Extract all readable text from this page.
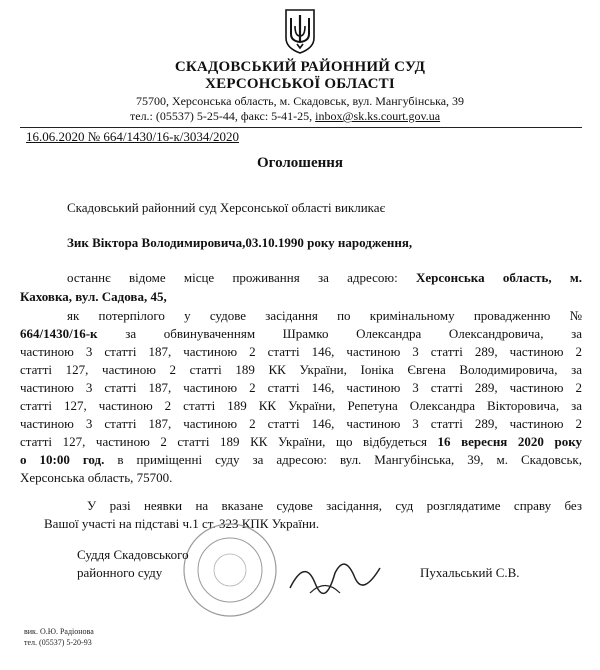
СКАДОВСЬКИЙ РАЙОННИЙ СУД
ХЕРСОНСЬКОЇ ОБЛАСТІ
75700, Херсонська область, м. Скадовськ, вул. Мангубінська, 39
тел.: (05537) 5-25-44, факс: 5-41-25, inbox@sk.ks.court.gov.ua
16.06.2020 № 664/1430/16-к/3034/2020
Оголошення
Скадовський районний суд Херсонської області викликає
Зик Віктора Володимировича,03.10.1990 року народження,
останнє відоме місце проживання за адресою: Херсонська область, м.
Каховка, вул. Садова, 45,
як потерпілого у судове засідання по кримінальному провадженню №
664/1430/16-к за обвинуваченням Шрамко Олександра Олександровича, за
частиною 3 статті 187, частиною 2 статті 146, частиною 3 статті 289, частиною 2
статті 127, частиною 2 статті 189 КК України, Іоніка Євгена Володимировича, за
частиною 3 статті 187, частиною 2 статті 146, частиною 3 статті 289, частиною 2
статті 127, частиною 2 статті 189 КК України, Репетуна Олександра Вікторовича, за
частиною 3 статті 187, частиною 2 статті 146, частиною 3 статті 289, частиною 2
статті 127, частиною 2 статті 189 КК України, що відбудеться 16 вересня 2020 року
о 10:00 год. в приміщенні суду за адресою: вул. Мангубінська, 39, м. Скадовськ,
Херсонська область, 75700.
У разі неявки на вказане судове засідання, суд розглядатиме справу без
Вашої участі на підставі ч.1 ст. 323 КПК України.
Суддя Скадовського
районного суду	Пухальський С.В.
вик. О.Ю. Радіонова
тел. (05537) 5-20-93
